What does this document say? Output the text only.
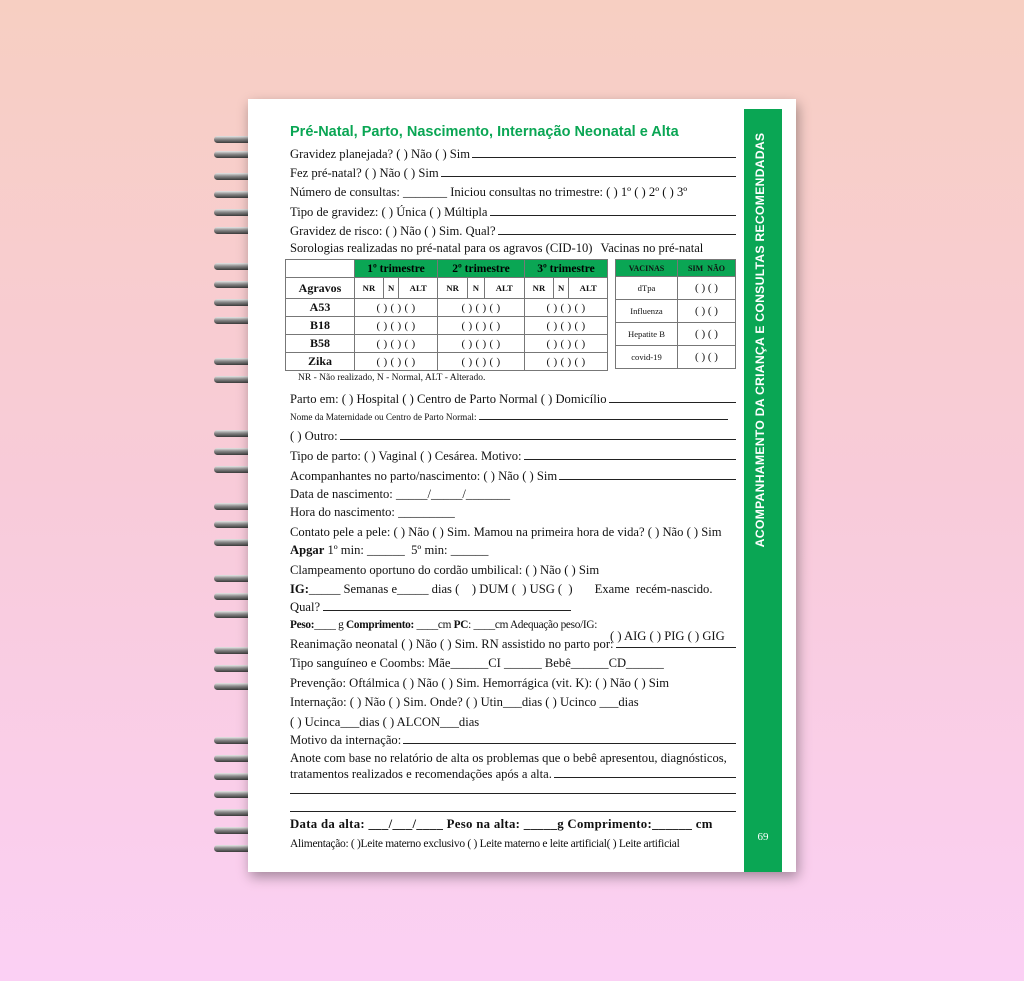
ACOMPANHAMENTO DA CRIANÇA E CONSULTAS RECOMENDADAS
69
Pré-Natal, Parto, Nascimento, Internação Neonatal e Alta
Gravidez planejada? ( ) Não ( ) Sim
Fez pré-natal? ( ) Não ( ) Sim
Número de consultas: _______ Iniciou consultas no trimestre: ( ) 1º ( ) 2º ( ) 3º
Tipo de gravidez: ( ) Única ( ) Múltipla
Gravidez de risco: ( ) Não ( ) Sim. Qual?
Sorologias realizadas no pré-natal para os agravos (CID-10) Vacinas no pré-natal
	1º trimestre			2º trimestre			3º trimestre		
Agravos	NR	N	ALT	NR	N	ALT	NR	N	ALT
A53	( ) ( ) ( )			( ) ( ) ( )			( ) ( ) ( )		
B18	( ) ( ) ( )			( ) ( ) ( )			( ) ( ) ( )		
B58	( ) ( ) ( )			( ) ( ) ( )			( ) ( ) ( )		
Zika	( ) ( ) ( )			( ) ( ) ( )			( ) ( ) ( )		
VACINAS	SIM NÃO
dTpa	( ) ( )
Influenza	( ) ( )
Hepatite B	( ) ( )
covid-19	( ) ( )
NR - Não realizado, N - Normal, ALT - Alterado.
Parto em: ( ) Hospital ( ) Centro de Parto Normal ( ) Domicílio
Nome da Maternidade ou Centro de Parto Normal:
( ) Outro:
Tipo de parto: ( ) Vaginal ( ) Cesárea. Motivo:
Acompanhantes no parto/nascimento: ( ) Não ( ) Sim
Data de nascimento: _____/_____/_______
Hora do nascimento: _________
Contato pele a pele: ( ) Não ( ) Sim. Mamou na primeira hora de vida? ( ) Não ( ) Sim
Apgar 1º min: ______  5º min: ______
Clampeamento oportuno do cordão umbilical: ( ) Não ( ) Sim
IG: _____ Semanas e_____ dias (    ) DUM (  ) USG (  )       Exame  recém-nascido.
Qual?
Peso: ____ g Comprimento: ____cm PC : ____cm Adequação peso/IG:
( ) AIG ( ) PIG ( ) GIG
Reanimação neonatal ( ) Não ( ) Sim. RN assistido no parto por:
Tipo sanguíneo e Coombs: Mãe______CI ______ Bebê______CD______
Prevenção: Oftálmica ( ) Não ( ) Sim. Hemorrágica (vit. K): ( ) Não ( ) Sim
Internação: ( ) Não ( ) Sim. Onde? ( ) Utin___dias ( ) Ucinco ___dias
( ) Ucinca___dias ( ) ALCON___dias
Motivo da internação:
Anote com base no relatório de alta os problemas que o bebê apresentou, diagnósticos,
tratamentos realizados e recomendações após a alta.
Data da alta: ___/___/____ Peso na alta: _____g Comprimento:______ cm
Alimentação: ( )Leite materno exclusivo ( ) Leite materno e leite artificial( ) Leite artificial
